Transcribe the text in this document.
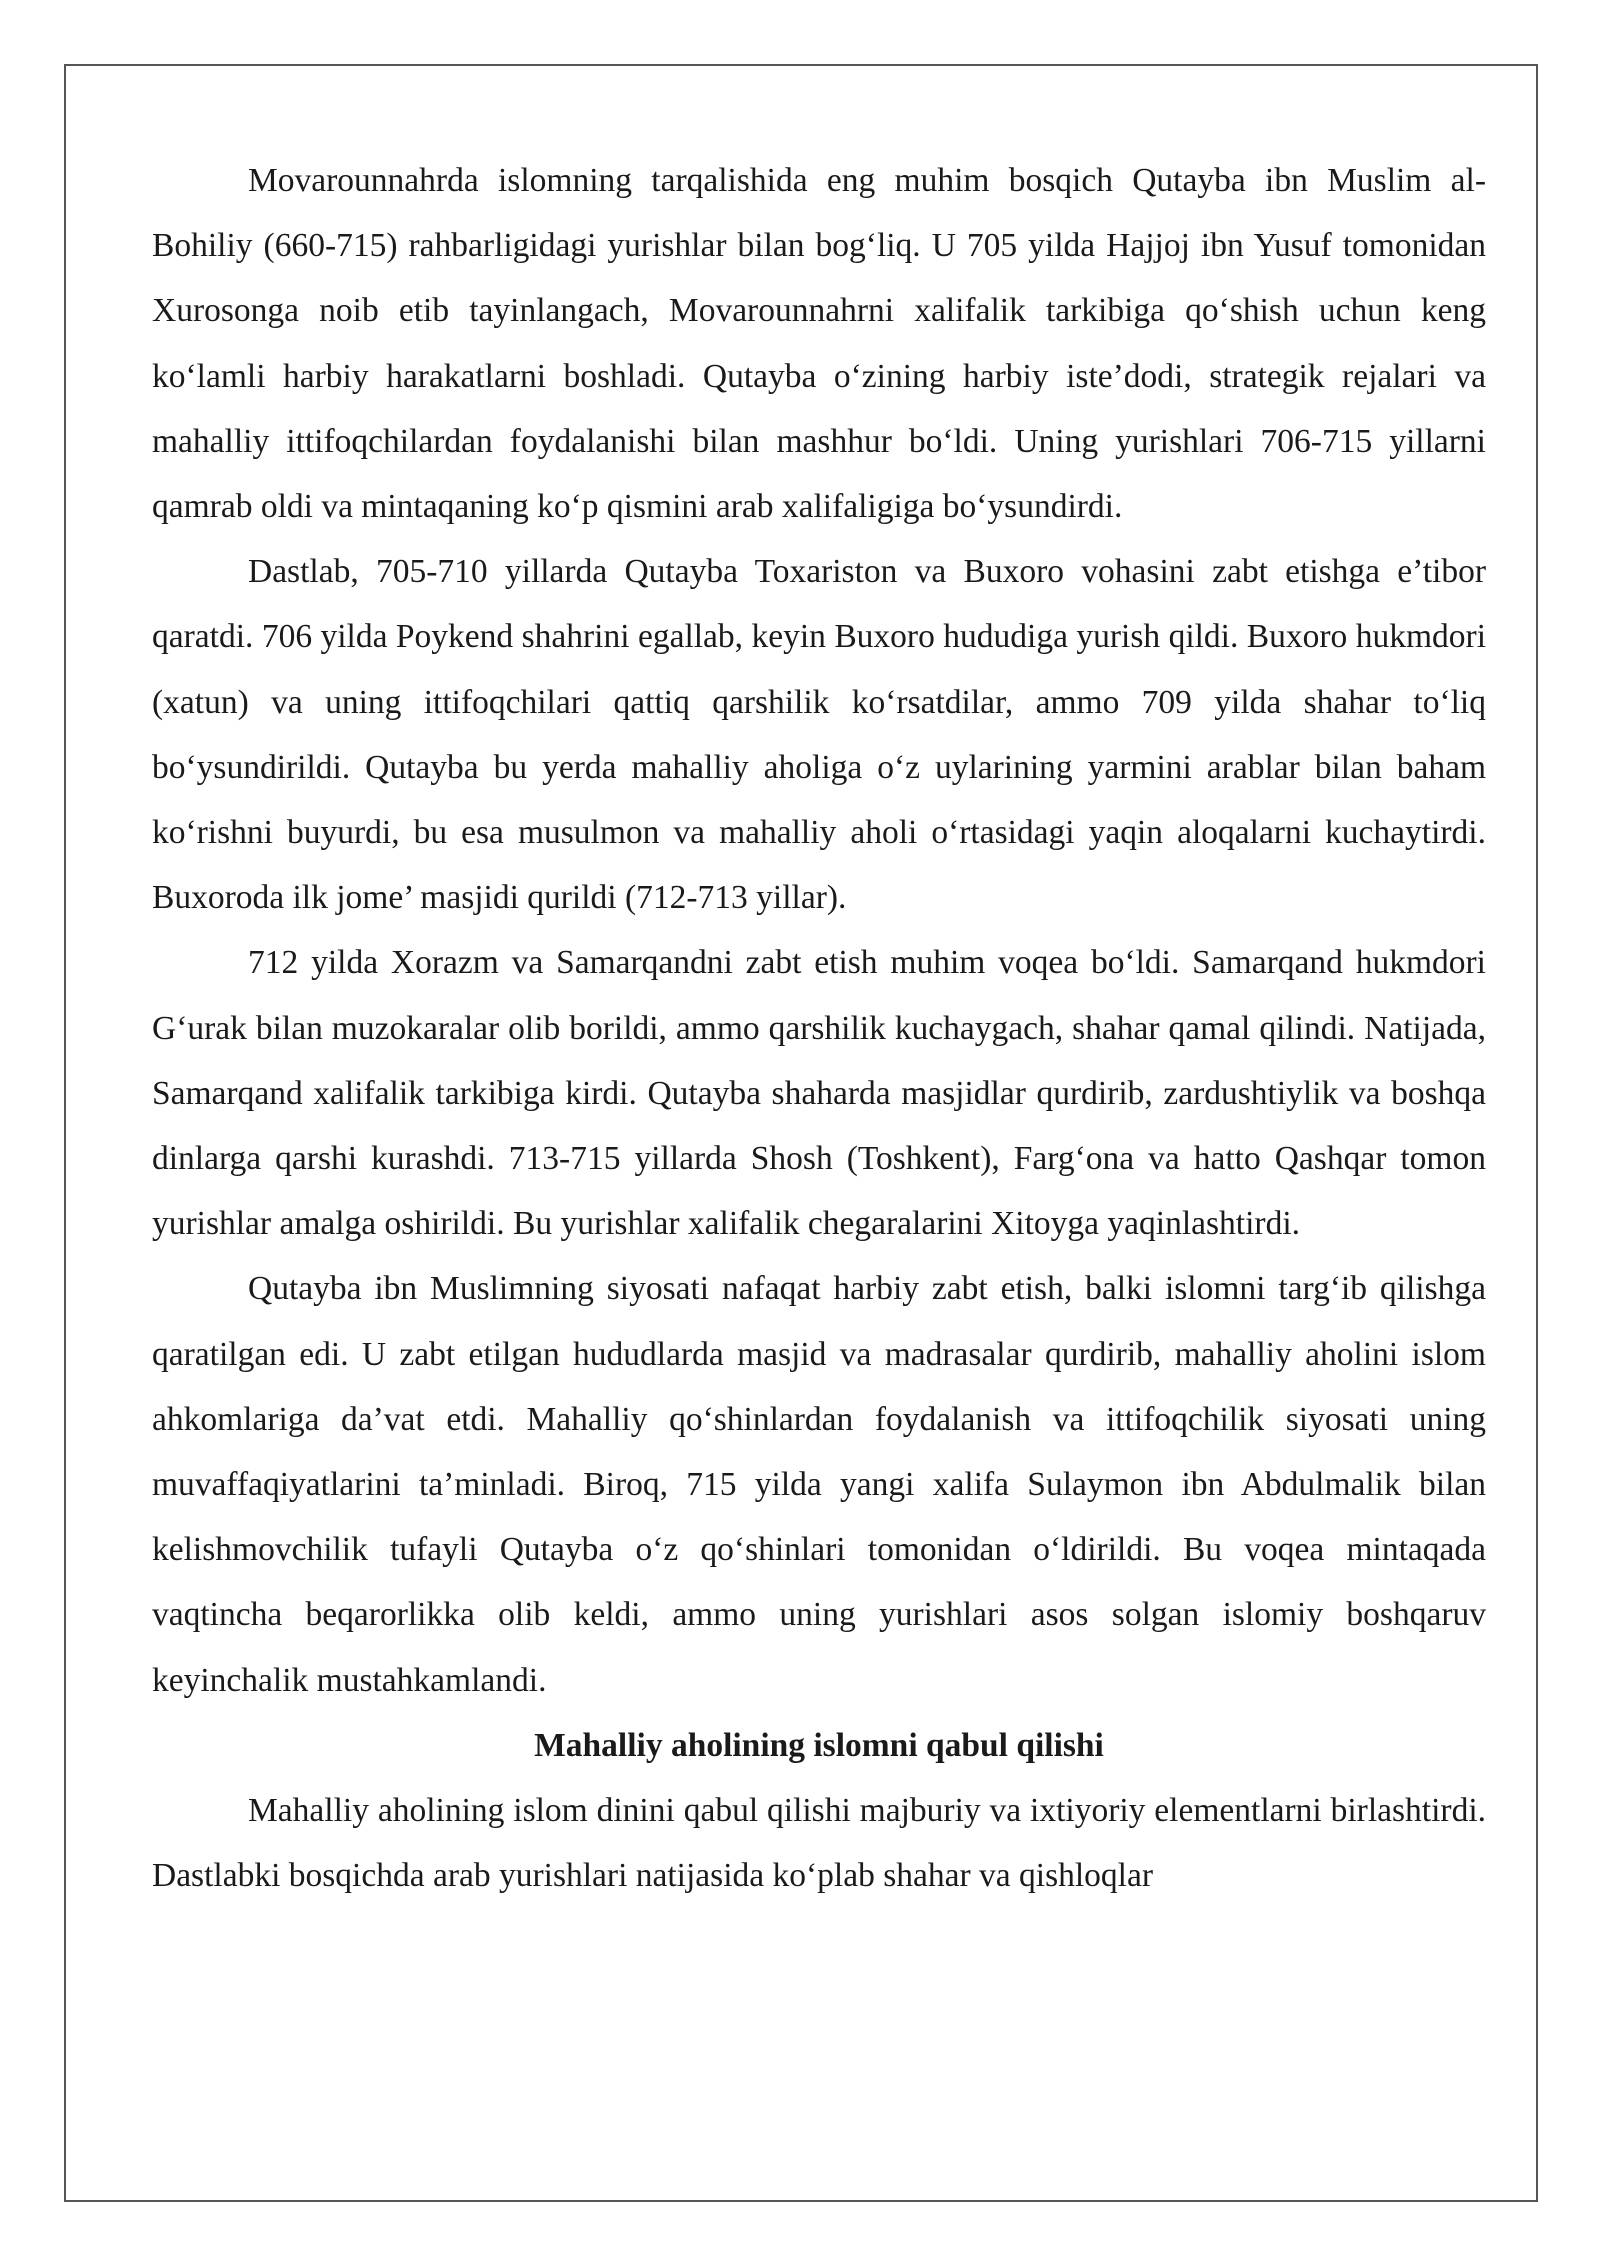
Movarounnahrda islomning tarqalishida eng muhim bosqich Qutayba ibn Muslim al-Bohiliy (660-715) rahbarligidagi yurishlar bilan bog‘liq. U 705 yilda Hajjoj ibn Yusuf tomonidan Xurosonga noib etib tayinlangach, Movarounnahrni xalifalik tarkibiga qo‘shish uchun keng ko‘lamli harbiy harakatlarni boshladi. Qutayba o‘zining harbiy iste’dodi, strategik rejalari va mahalliy ittifoqchilardan foydalanishi bilan mashhur bo‘ldi. Uning yurishlari 706-715 yillarni qamrab oldi va mintaqaning ko‘p qismini arab xalifaligiga bo‘ysundirdi.

Dastlab, 705-710 yillarda Qutayba Toxariston va Buxoro vohasini zabt etishga e’tibor qaratdi. 706 yilda Poykend shahrini egallab, keyin Buxoro hududiga yurish qildi. Buxoro hukmdori (xatun) va uning ittifoqchilari qattiq qarshilik ko‘rsatdilar, ammo 709 yilda shahar to‘liq bo‘ysundirildi. Qutayba bu yerda mahalliy aholiga o‘z uylarining yarmini arablar bilan baham ko‘rishni buyurdi, bu esa musulmon va mahalliy aholi o‘rtasidagi yaqin aloqalarni kuchaytirdi. Buxoroda ilk jome’ masjidi qurildi (712-713 yillar).

712 yilda Xorazm va Samarqandni zabt etish muhim voqea bo‘ldi. Samarqand hukmdori G‘urak bilan muzokaralar olib borildi, ammo qarshilik kuchaygach, shahar qamal qilindi. Natijada, Samarqand xalifalik tarkibiga kirdi. Qutayba shaharda masjidlar qurdirib, zardushtiylik va boshqa dinlarga qarshi kurashdi. 713-715 yillarda Shosh (Toshkent), Farg‘ona va hatto Qashqar tomon yurishlar amalga oshirildi. Bu yurishlar xalifalik chegaralarini Xitoyga yaqinlashtirdi.

Qutayba ibn Muslimning siyosati nafaqat harbiy zabt etish, balki islomni targ‘ib qilishga qaratilgan edi. U zabt etilgan hududlarda masjid va madrasalar qurdirib, mahalliy aholini islom ahkomlariga da’vat etdi. Mahalliy qo‘shinlardan foydalanish va ittifoqchilik siyosati uning muvaffaqiyatlarini ta’minladi. Biroq, 715 yilda yangi xalifa Sulaymon ibn Abdulmalik bilan kelishmovchilik tufayli Qutayba o‘z qo‘shinlari tomonidan o‘ldirildi. Bu voqea mintaqada vaqtincha beqarorlikka olib keldi, ammo uning yurishlari asos solgan islomiy boshqaruv keyinchalik mustahkamlandi.

Mahalliy aholining islomni qabul qilishi

Mahalliy aholining islom dinini qabul qilishi majburiy va ixtiyoriy elementlarni birlashtirdi. Dastlabki bosqichda arab yurishlari natijasida ko‘plab shahar va qishloqlar
